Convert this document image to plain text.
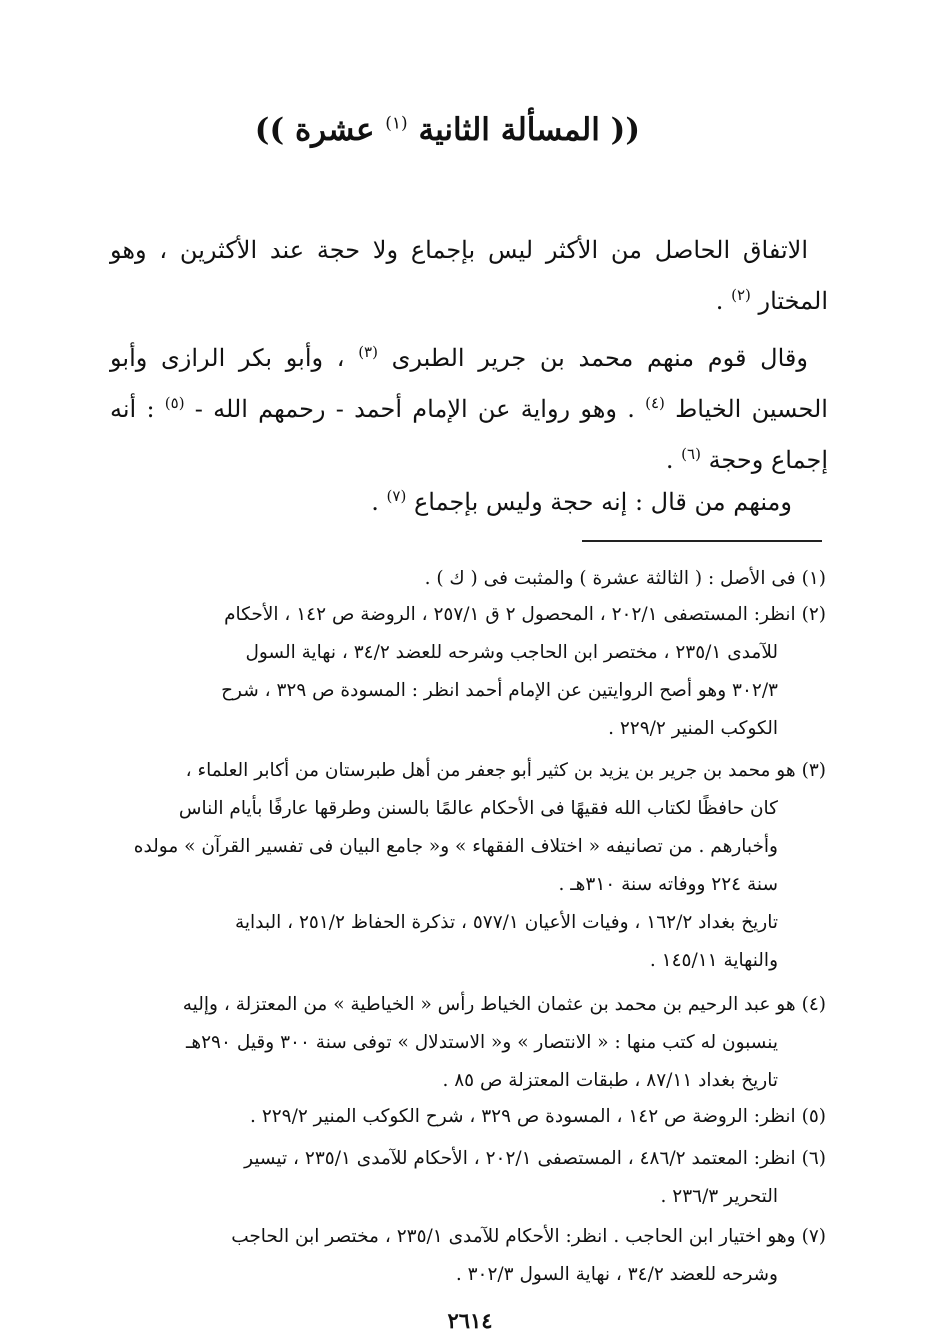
(( المسألة الثانية $^{(١)}$ عشرة ))
الاتفاق الحاصل من الأكثر ليس بإجماع ولا حجة عند الأكثرين ، وهو المختار $^{(٢)}$ .
وقال قوم منهم محمد بن جرير الطبرى $^{(٣)}$ ، وأبو بكر الرازى وأبو الحسين الخياط $^{(٤)}$ . وهو رواية عن الإمام أحمد - رحمهم الله - $^{(٥)}$ : أنه إجماع وحجة $^{(٦)}$ .
ومنهم من قال : إنه حجة وليس بإجماع $^{(٧)}$ .
(١)فى الأصل : ( الثالثة عشرة ) والمثبت فى ( ك ) .
(٢)انظر: المستصفى ٢٠٢/١ ، المحصول ٢ ق ٢٥٧/١ ، الروضة ص ١٤٢ ، الأحكام
للآمدى ٢٣٥/١ ، مختصر ابن الحاجب وشرحه للعضد ٣٤/٢ ، نهاية السول
٣٠٢/٣ وهو أصح الروايتين عن الإمام أحمد انظر : المسودة ص ٣٢٩ ، شرح
الكوكب المنير ٢٢٩/٢ .
(٣)هو محمد بن جرير بن يزيد بن كثير أبو جعفر من أهل طبرستان من أكابر العلماء ،
كان حافظًا لكتاب الله فقيهًا فى الأحكام عالمًا بالسنن وطرقها عارفًا بأيام الناس
وأخبارهم . من تصانيفه « اختلاف الفقهاء » و« جامع البيان فى تفسير القرآن » مولده
سنة ٢٢٤ ووفاته سنة ٣١٠هـ .
تاريخ بغداد ١٦٢/٢ ، وفيات الأعيان ٥٧٧/١ ، تذكرة الحفاظ ٢٥١/٢ ، البداية
والنهاية ١٤٥/١١ .
(٤)هو عبد الرحيم بن محمد بن عثمان الخياط رأس « الخياطية » من المعتزلة ، وإليه
ينسبون له كتب منها : « الانتصار » و« الاستدلال » توفى سنة ٣٠٠ وقيل ٢٩٠هـ
تاريخ بغداد ٨٧/١١ ، طبقات المعتزلة ص ٨٥ .
(٥)انظر: الروضة ص ١٤٢ ، المسودة ص ٣٢٩ ، شرح الكوكب المنير ٢٢٩/٢ .
(٦)انظر: المعتمد ٤٨٦/٢ ، المستصفى ٢٠٢/١ ، الأحكام للآمدى ٢٣٥/١ ، تيسير
التحرير ٢٣٦/٣ .
(٧)وهو اختيار ابن الحاجب . انظر: الأحكام للآمدى ٢٣٥/١ ، مختصر ابن الحاجب
وشرحه للعضد ٣٤/٢ ، نهاية السول ٣٠٢/٣ .
٢٦١٤
